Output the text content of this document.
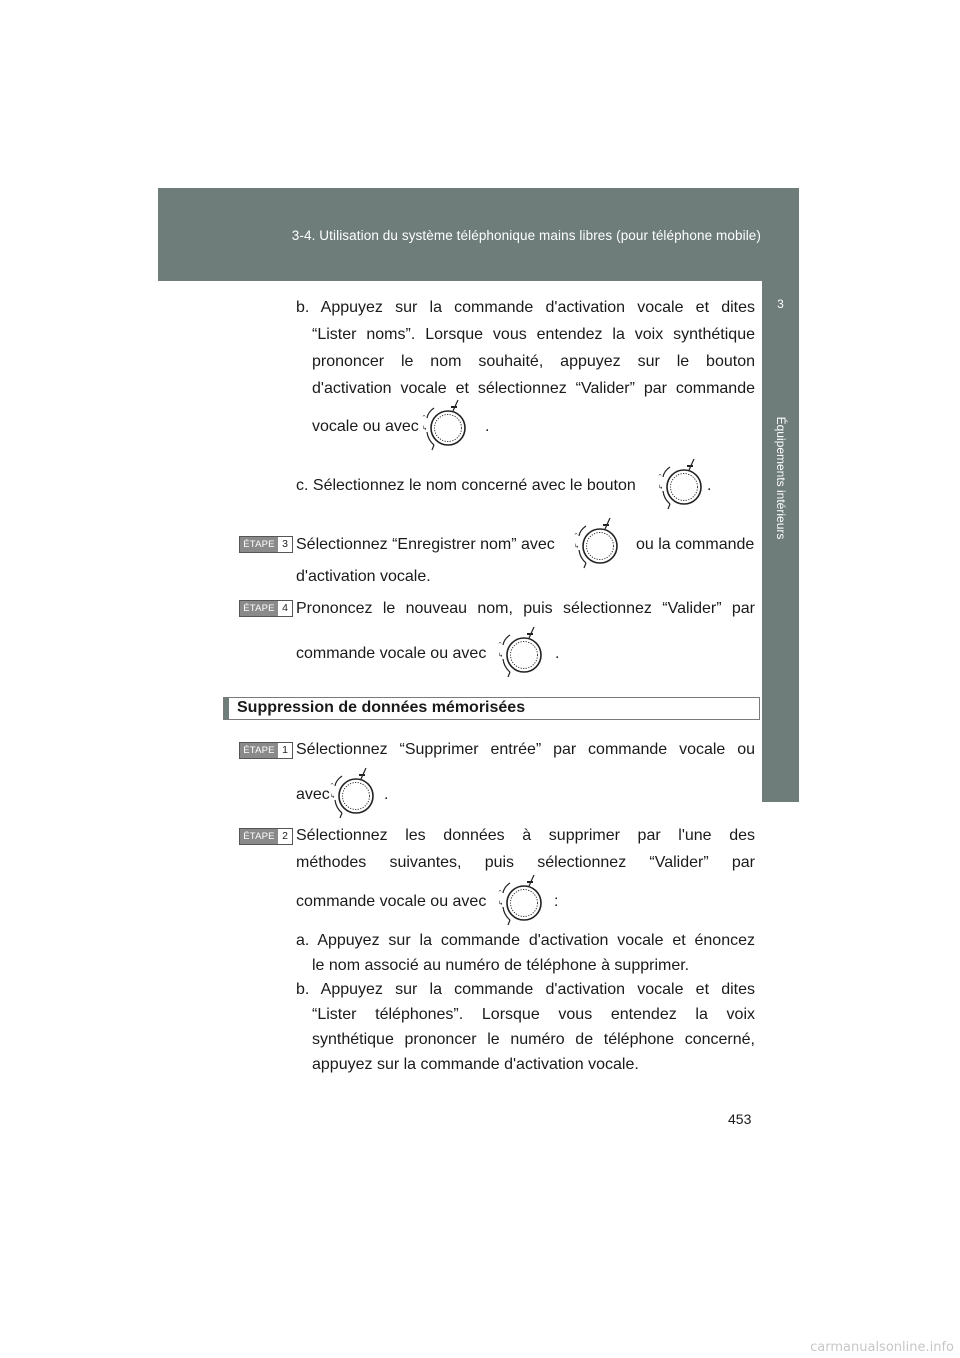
3-4. Utilisation du système téléphonique mains libres (pour téléphone mobile)
3
Équipements intérieurs
b. Appuyez sur la commande d'activation vocale et dites
“Lister noms”. Lorsque vous entendez la voix synthétique
prononcer le nom souhaité, appuyez sur le bouton
d'activation vocale et sélectionnez “Valider” par commande
vocale ou avec	.
c. Sélectionnez le nom concerné avec le bouton	.
ÉTAPE 3 Sélectionnez “Enregistrer nom” avec	ou la commande
d'activation vocale.
ÉTAPE 4 Prononcez le nouveau nom, puis sélectionnez “Valider” par
commande vocale ou avec	.
Suppression de données mémorisées
ÉTAPE 1 Sélectionnez “Supprimer entrée” par commande vocale ou
avec	.
ÉTAPE 2 Sélectionnez les données à supprimer par l'une des
méthodes suivantes, puis sélectionnez “Valider” par
commande vocale ou avec	:
a. Appuyez sur la commande d'activation vocale et énoncez
le nom associé au numéro de téléphone à supprimer.
b. Appuyez sur la commande d'activation vocale et dites
“Lister téléphones”. Lorsque vous entendez la voix
synthétique prononcer le numéro de téléphone concerné,
appuyez sur la commande d'activation vocale.
453
carmanualsonline.info
